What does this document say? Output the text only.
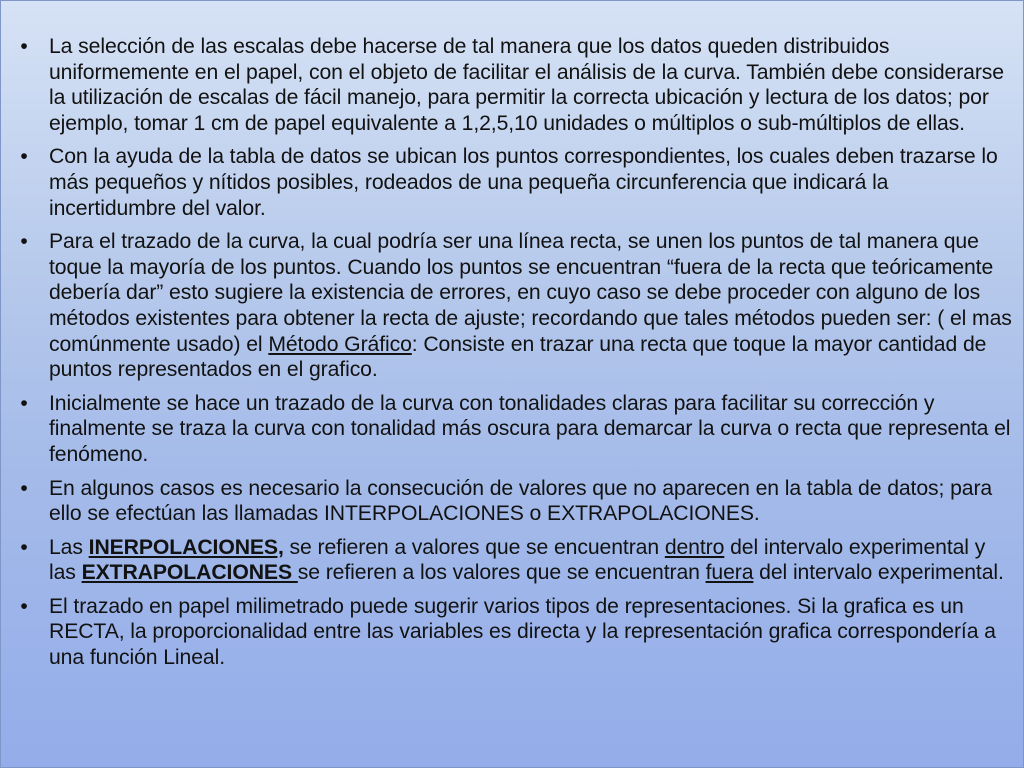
• La selección de las escalas debe hacerse de tal manera que los datos queden distribuidos uniformemente en el papel, con el objeto de facilitar el análisis de la curva. También debe considerarse la utilización de escalas de fácil manejo, para permitir la correcta ubicación y lectura de los datos; por ejemplo, tomar 1 cm de papel equivalente a 1,2,5,10 unidades o múltiplos o sub-múltiplos de ellas.
• Con la ayuda de la tabla de datos se ubican los puntos correspondientes, los cuales deben trazarse lo más pequeños y nítidos posibles, rodeados de una pequeña circunferencia que indicará la incertidumbre del valor.
• Para el trazado de la curva, la cual podría ser una línea recta, se unen los puntos de tal manera que toque la mayoría de los puntos. Cuando los puntos se encuentran “fuera de la recta que teóricamente debería dar” esto sugiere la existencia de errores, en cuyo caso se debe proceder con alguno de los métodos existentes para obtener la recta de ajuste; recordando que tales métodos pueden ser: ( el mas comúnmente usado) el Método Gráfico: Consiste en trazar una recta que toque la mayor cantidad de puntos representados en el grafico.
• Inicialmente se hace un trazado de la curva con tonalidades claras para facilitar su corrección y finalmente se traza la curva con tonalidad más oscura para demarcar la curva o recta que representa el fenómeno.
• En algunos casos es necesario la consecución de valores que no aparecen en la tabla de datos; para ello se efectúan las llamadas INTERPOLACIONES o EXTRAPOLACIONES.
• Las INERPOLACIONES, se refieren a valores que se encuentran dentro del intervalo experimental y las EXTRAPOLACIONES se refieren a los valores que se encuentran fuera del intervalo experimental.
• El trazado en papel milimetrado puede sugerir varios tipos de representaciones. Si la grafica es un RECTA, la proporcionalidad entre las variables es directa y la representación grafica correspondería a una función Lineal.
